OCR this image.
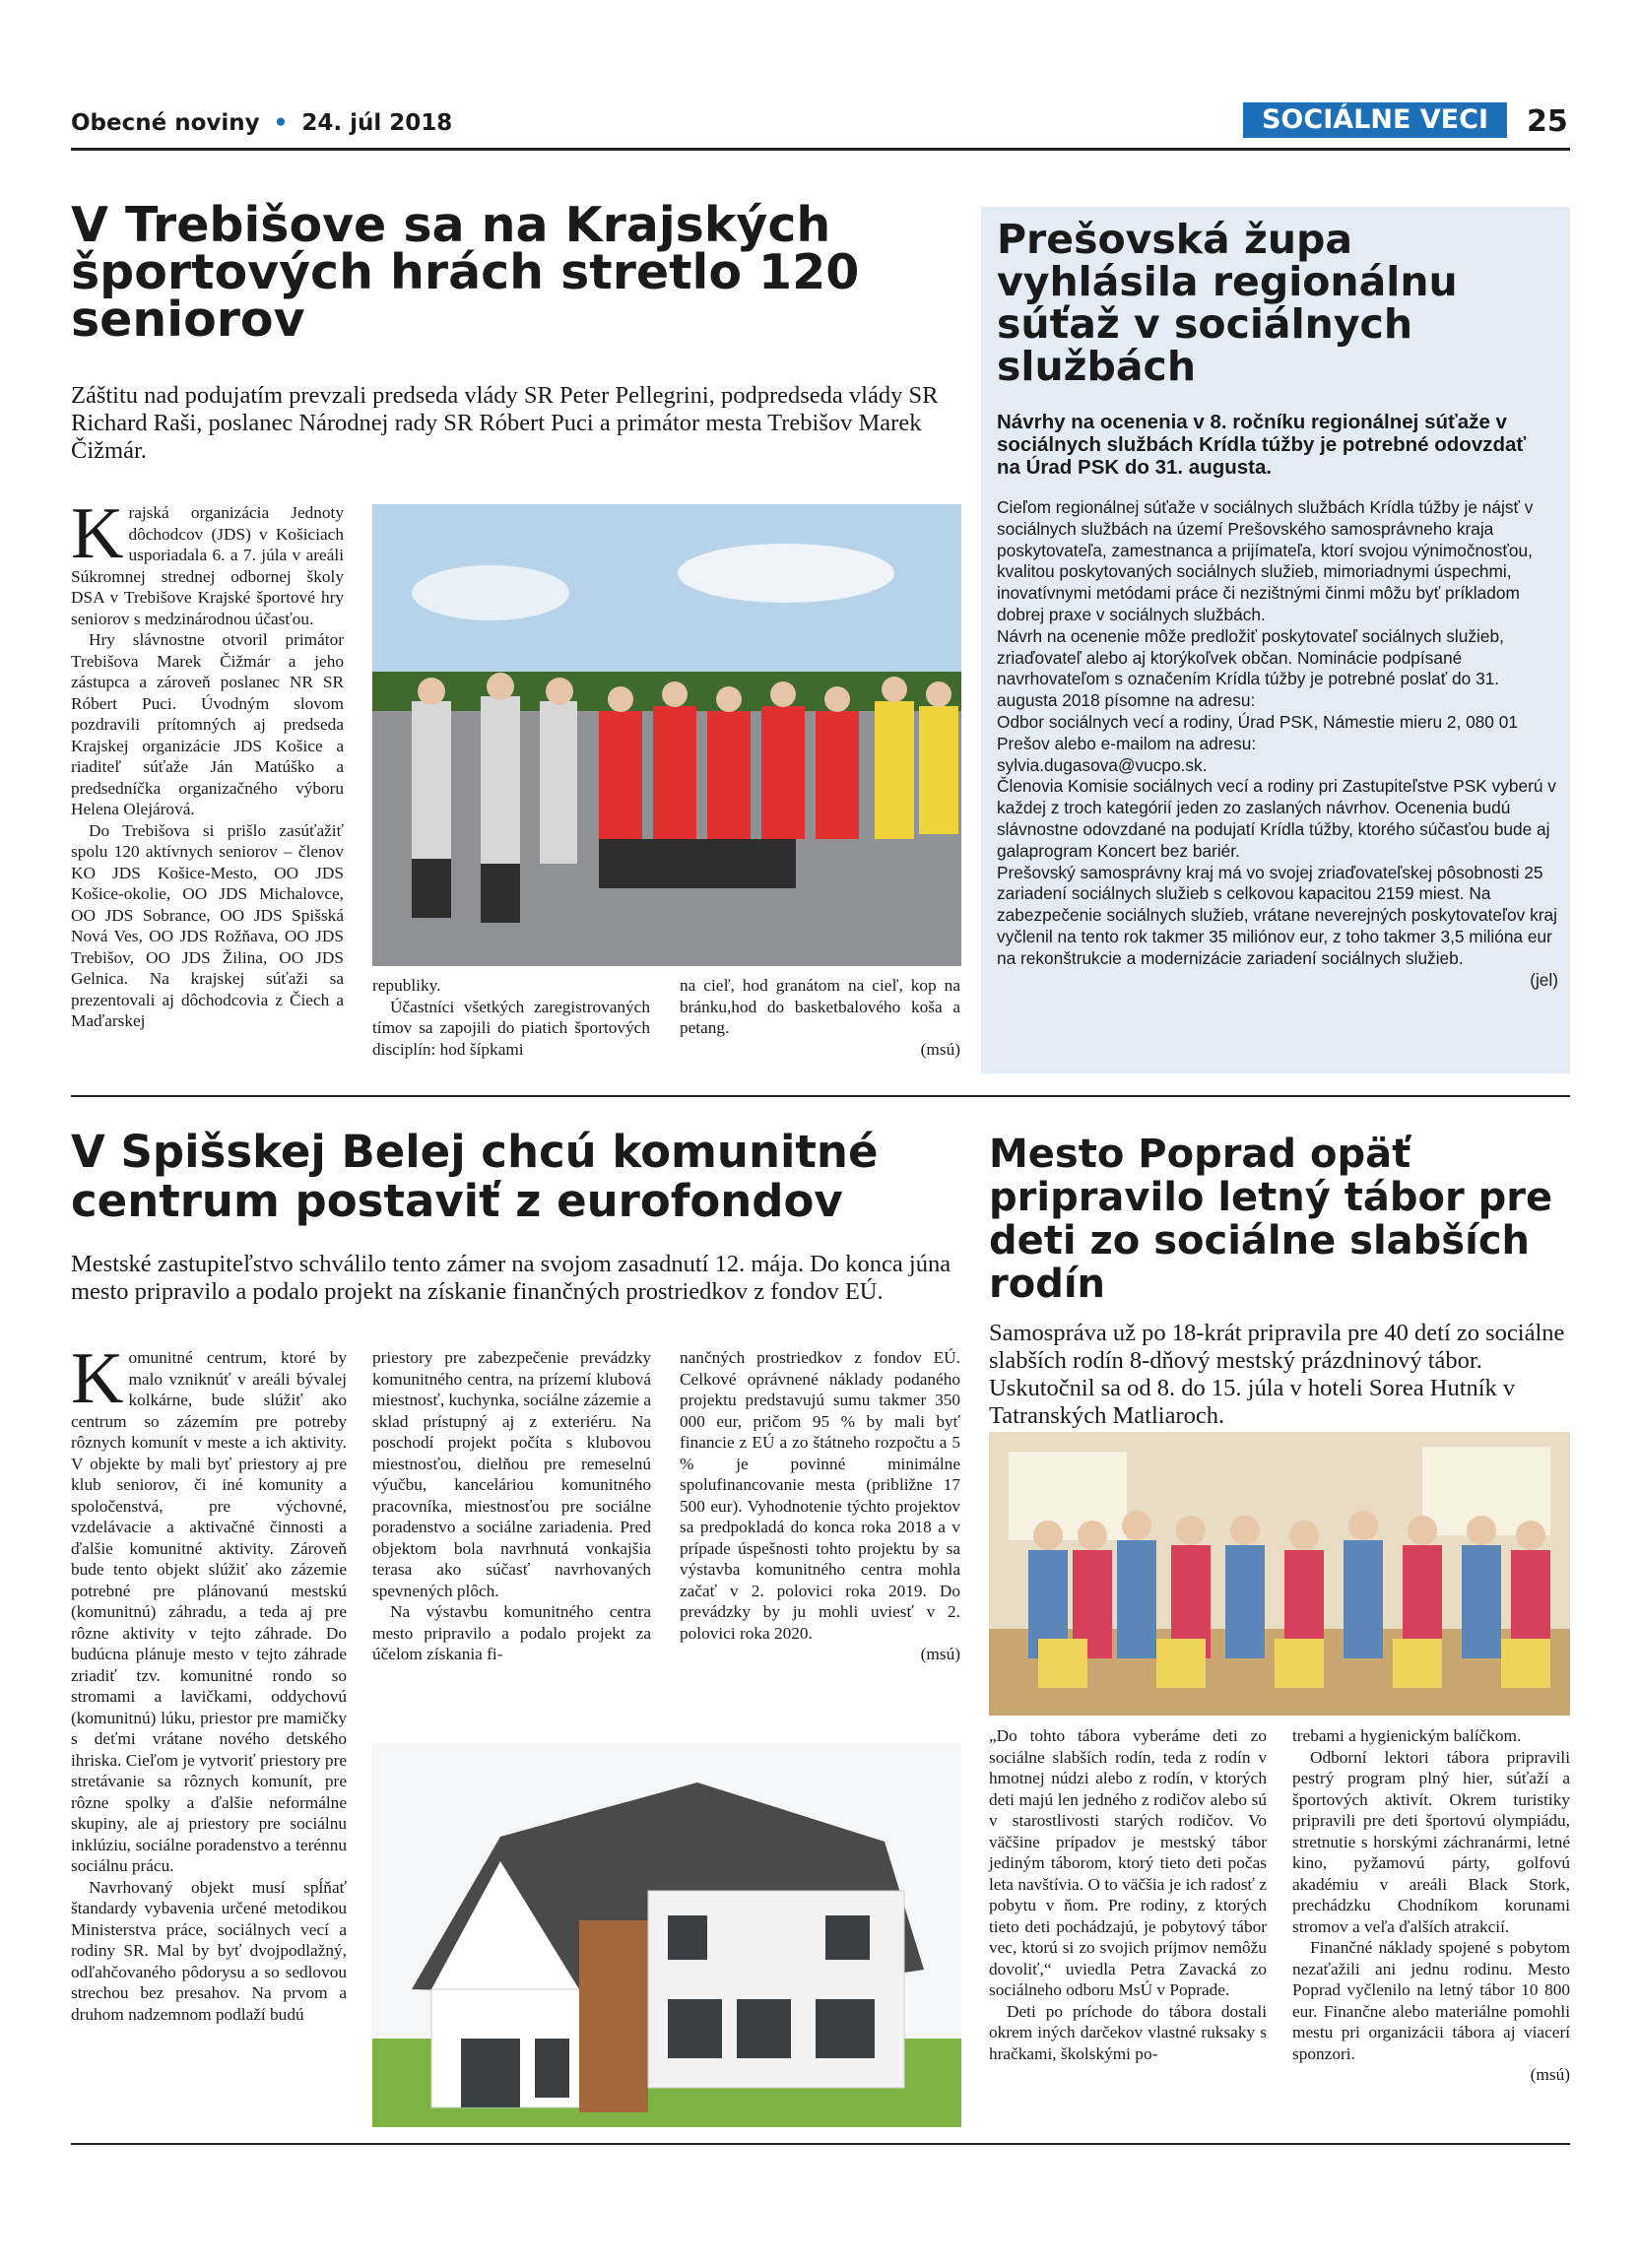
Obecné noviny • 24. júl 2018	SOCIÁLNE VECI	25
V Trebišove sa na Krajských športových hrách stretlo 120 seniorov
Záštitu nad podujatím prevzali predseda vlády SR Peter Pellegrini, podpredseda vlády SR Richard Raši, poslanec Národnej rady SR Róbert Puci a primátor mesta Trebišov Marek Čižmár.

Krajská organizácia Jednoty dôchodcov (JDS) v Košiciach usporiadala 6. a 7. júla v areáli Súkromnej strednej odbornej školy DSA v Trebišove Krajské športové hry seniorov s medzinárodnou účasťou.

Hry slávnostne otvoril primátor Trebišova Marek Čižmár a jeho zástupca a zároveň poslanec NR SR Róbert Puci. Úvodným slovom pozdravili prítomných aj predseda Krajskej organizácie JDS Košice a riaditeľ súťaže Ján Matúško a predsedníčka organizačného výboru Helena Olejárová.

Do Trebišova si prišlo zasúťažiť spolu 120 aktívnych seniorov – členov KO JDS Košice-Mesto, OO JDS Košice-okolie, OO JDS Michalovce, OO JDS Sobrance, OO JDS Spišská Nová Ves, OO JDS Rožňava, OO JDS Trebišov, OO JDS Žilina, OO JDS Gelnica. Na krajskej súťaži sa prezentovali aj dôchodcovia z Čiech a Maďarskej

republiky.

Účastníci všetkých zaregistrovaných tímov sa zapojili do piatich športových disciplín: hod šípkami

na cieľ, hod granátom na cieľ, kop na bránku,hod do basketbalového koša a petang.

(msú)

Prešovská župa vyhlásila regionálnu súťaž v sociálnych službách
Návrhy na ocenenia v 8. ročníku regionálnej súťaže v sociálnych službách Krídla túžby je potrebné odovzdať na Úrad PSK do 31. augusta.

Cieľom regionálnej súťaže v sociálnych službách Krídla túžby je nájsť v sociálnych službách na území Prešovského samosprávneho kraja poskytovateľa, zamestnanca a prijímateľa, ktorí svojou výnimočnosťou, kvalitou poskytovaných sociálnych služieb, mimoriadnymi úspechmi, inovatívnymi metódami práce či nezištnými činmi môžu byť príkladom dobrej praxe v sociálnych službách.

Návrh na ocenenie môže predložiť poskytovateľ sociálnych služieb, zriaďovateľ alebo aj ktorýkoľvek občan. Nominácie podpísané navrhovateľom s označením Krídla túžby je potrebné poslať do 31. augusta 2018 písomne na adresu:

Odbor sociálnych vecí a rodiny, Úrad PSK, Námestie mieru 2, 080 01 Prešov alebo e-mailom na adresu:

sylvia.dugasova@vucpo.sk.

Členovia Komisie sociálnych vecí a rodiny pri Zastupiteľstve PSK vyberú v každej z troch kategórií jeden zo zaslaných návrhov. Ocenenia budú slávnostne odovzdané na podujatí Krídla túžby, ktorého súčasťou bude aj galaprogram Koncert bez bariér.

Prešovský samosprávny kraj má vo svojej zriaďovateľskej pôsobnosti 25 zariadení sociálnych služieb s celkovou kapacitou 2159 miest. Na zabezpečenie sociálnych služieb, vrátane neverejných poskytovateľov kraj vyčlenil na tento rok takmer 35 miliónov eur, z toho takmer 3,5 milióna eur na rekonštrukcie a modernizácie zariadení sociálnych služieb.

(jel)

V Spišskej Belej chcú komunitné centrum postaviť z eurofondov
Mestské zastupiteľstvo schválilo tento zámer na svojom zasadnutí 12. mája. Do konca júna mesto pripravilo a podalo projekt na získanie finančných prostriedkov z fondov EÚ.

Komunitné centrum, ktoré by malo vzniknúť v areáli bývalej kolkárne, bude slúžiť ako centrum so zázemím pre potreby rôznych komunít v meste a ich aktivity. V objekte by mali byť priestory aj pre klub seniorov, či iné komunity a spoločenstvá, pre výchovné, vzdelávacie a aktivačné činnosti a ďalšie komunitné aktivity. Zároveň bude tento objekt slúžiť ako zázemie potrebné pre plánovanú mestskú (komunitnú) záhradu, a teda aj pre rôzne aktivity v tejto záhrade. Do budúcna plánuje mesto v tejto záhrade zriadiť tzv. komunitné rondo so stromami a lavičkami, oddychovú (komunitnú) lúku, priestor pre mamičky s deťmi vrátane nového detského ihriska. Cieľom je vytvoriť priestory pre stretávanie sa rôznych komunít, pre rôzne spolky a ďalšie neformálne skupiny, ale aj priestory pre sociálnu inklúziu, sociálne poradenstvo a terénnu sociálnu prácu.

Navrhovaný objekt musí spĺňať štandardy vybavenia určené metodikou Ministerstva práce, sociálnych vecí a rodiny SR. Mal by byť dvojpodlažný, odľahčovaného pôdorysu a so sedlovou strechou bez presahov. Na prvom a druhom nadzemnom podlaží budú

priestory pre zabezpečenie prevádzky komunitného centra, na prízemí klubová miestnosť, kuchynka, sociálne zázemie a sklad prístupný aj z exteriéru. Na poschodí projekt počíta s klubovou miestnosťou, dielňou pre remeselnú výučbu, kanceláriou komunitného pracovníka, miestnosťou pre sociálne poradenstvo a sociálne zariadenia. Pred objektom bola navrhnutá vonkajšia terasa ako súčasť navrhovaných spevnených plôch.

Na výstavbu komunitného centra mesto pripravilo a podalo projekt za účelom získania fi-

nančných prostriedkov z fondov EÚ. Celkové oprávnené náklady podaného projektu predstavujú sumu takmer 350 000 eur, pričom 95 % by mali byť financie z EÚ a zo štátneho rozpočtu a 5 % je povinné minimálne spolufinancovanie mesta (približne 17 500 eur). Vyhodnotenie týchto projektov sa predpokladá do konca roka 2018 a v prípade úspešnosti tohto projektu by sa výstavba komunitného centra mohla začať v 2. polovici roka 2019. Do prevádzky by ju mohli uviesť v 2. polovici roka 2020.

(msú)

Mesto Poprad opäť pripravilo letný tábor pre deti zo sociálne slabších rodín
Samospráva už po 18-krát pripravila pre 40 detí zo sociálne slabších rodín 8-dňový mestský prázdninový tábor. Uskutočnil sa od 8. do 15. júla v hoteli Sorea Hutník v Tatranských Matliaroch.

„Do tohto tábora vyberáme deti zo sociálne slabších rodín, teda z rodín v hmotnej núdzi alebo z rodín, v ktorých deti majú len jedného z rodičov alebo sú v starostlivosti starých rodičov. Vo väčšine prípadov je mestský tábor jediným táborom, ktorý tieto deti počas leta navštívia. O to väčšia je ich radosť z pobytu v ňom. Pre rodiny, z ktorých tieto deti pochádzajú, je pobytový tábor vec, ktorú si zo svojich príjmov nemôžu dovoliť,“ uviedla Petra Zavacká zo sociálneho odboru MsÚ v Poprade.

Deti po príchode do tábora dostali okrem iných darčekov vlastné ruksaky s hračkami, školskými po-

trebami a hygienickým balíčkom.

Odborní lektori tábora pripravili pestrý program plný hier, súťaží a športových aktivít. Okrem turistiky pripravili pre deti športovú olympiádu, stretnutie s horskými záchranármi, letné kino, pyžamovú párty, golfovú akadémiu v areáli Black Stork, prechádzku Chodníkom korunami stromov a veľa ďalších atrakcií.

Finančné náklady spojené s pobytom nezaťažili ani jednu rodinu. Mesto Poprad vyčlenilo na letný tábor 10 800 eur. Finančne alebo materiálne pomohli mestu pri organizácii tábora aj viacerí sponzori.

(msú)
